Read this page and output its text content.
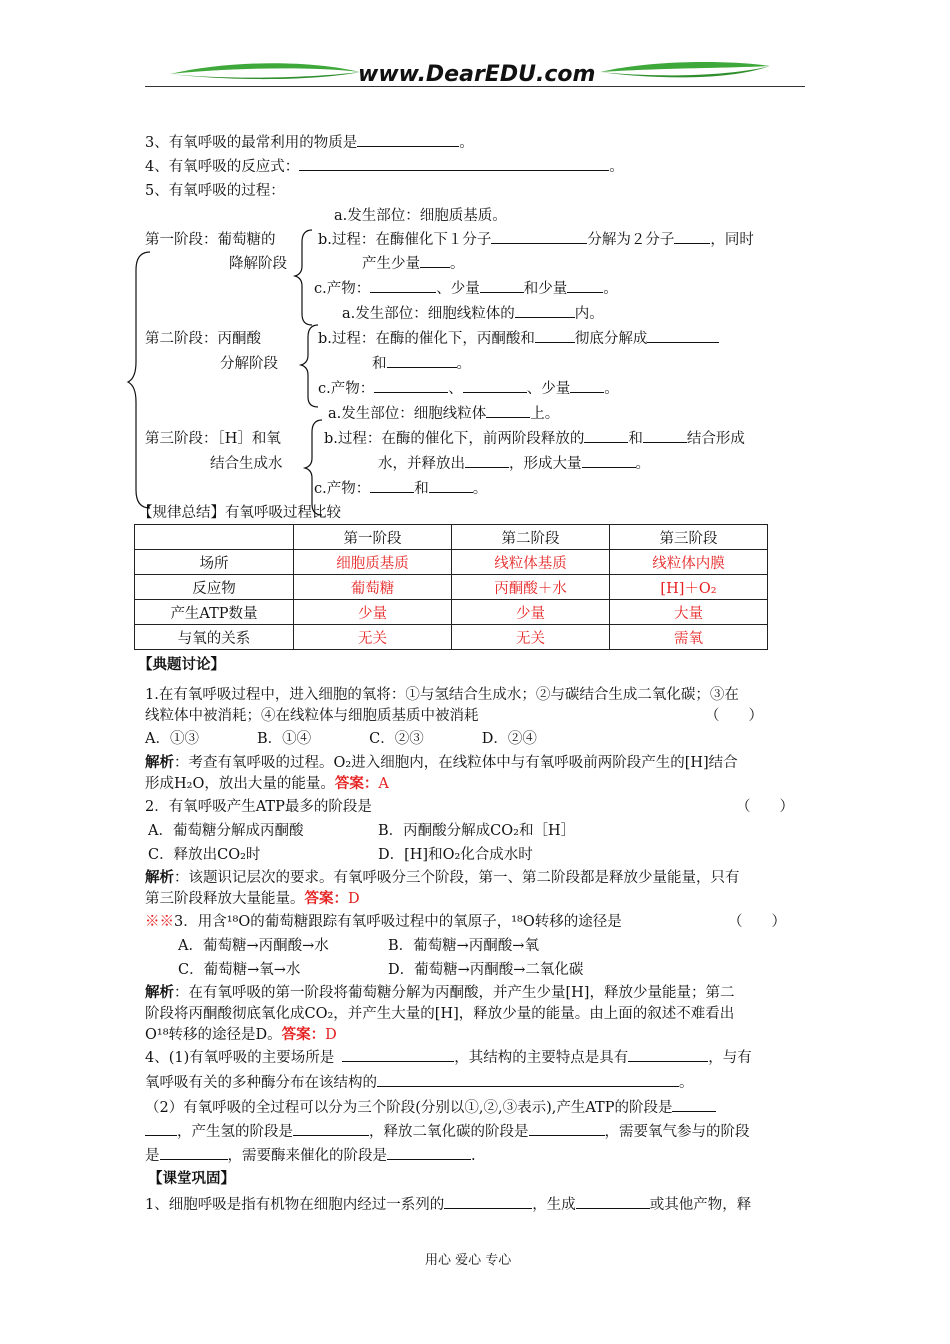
www.DearEDU.com
3、有氧呼吸的最常利用的物质是	。
4、有氧呼吸的反应式：	。
5、有氧呼吸的过程：
a.发生部位：细胞质基质。
第一阶段：葡萄糖的
降解阶段
b.过程：在酶催化下１分子	分解为２分子 ，同时
产生少量 。
c.产物：	、少量	和少量 。
a.发生部位：细胞线粒体的	内。
第二阶段：丙酮酸
分解阶段
b.过程：在酶的催化下，丙酮酸和	彻底分解成
和	。
c.产物：	、	、少量 。
a.发生部位：细胞线粒体	上。
第三阶段：［H］和氧
结合生成水
b.过程：在酶的催化下，前两阶段释放的	和	结合形成
水，并释放出	，形成大量	。
c.产物：	和	。
【规律总结】有氧呼吸过程比较
	第一阶段	第二阶段	第三阶段
场所	细胞质基质	线粒体基质	线粒体内膜
反应物	葡萄糖	丙酮酸＋水	[H]＋O₂
产生ATP数量	少量	少量	大量
与氧的关系	无关	无关	需氧
【典题讨论】
1.在有氧呼吸过程中，进入细胞的氧将：①与氢结合生成水；②与碳结合生成二氧化碳；③在
线粒体中被消耗；④在线粒体与细胞质基质中被消耗	（　　）
A．①③　　　　B．①④　　　　C．②③　　　　D．②④
解析：考查有氧呼吸的过程。O₂进入细胞内，在线粒体中与有氧呼吸前两阶段产生的[H]结合
形成H₂O，放出大量的能量。答案：A
2．有氧呼吸产生ATP最多的阶段是	（　　）
A．葡萄糖分解成丙酮酸	B．丙酮酸分解成CO₂和［H］
C．释放出CO₂时	D．[H]和O₂化合成水时
解析：该题识记层次的要求。有氧呼吸分三个阶段，第一、第二阶段都是释放少量能量，只有
第三阶段释放大量能量。答案：D
※※3．用含¹⁸O的葡萄糖跟踪有氧呼吸过程中的氧原子，¹⁸O转移的途径是	（　　）
A．葡萄糖→丙酮酸→水	B．葡萄糖→丙酮酸→氧
C．葡萄糖→氧→水	D．葡萄糖→丙酮酸→二氧化碳
解析：在有氧呼吸的第一阶段将葡萄糖分解为丙酮酸，并产生少量[H]，释放少量能量；第二
阶段将丙酮酸彻底氧化成CO₂，并产生大量的[H]，释放少量的能量。由上面的叙述不难看出
O¹⁸转移的途径是D。答案：D
4、(1)有氧呼吸的主要场所是	，其结构的主要特点是具有	，与有
氧呼吸有关的多种酶分布在该结构的	。
（2）有氧呼吸的全过程可以分为三个阶段(分别以①,②,③表示),产生ATP的阶段是
，产生氢的阶段是	，释放二氧化碳的阶段是	，需要氧气参与的阶段
是	，需要酶来催化的阶段是	.
【课堂巩固】
1、细胞呼吸是指有机物在细胞内经过一系列的	，生成	或其他产物，释
用心 爱心 专心
